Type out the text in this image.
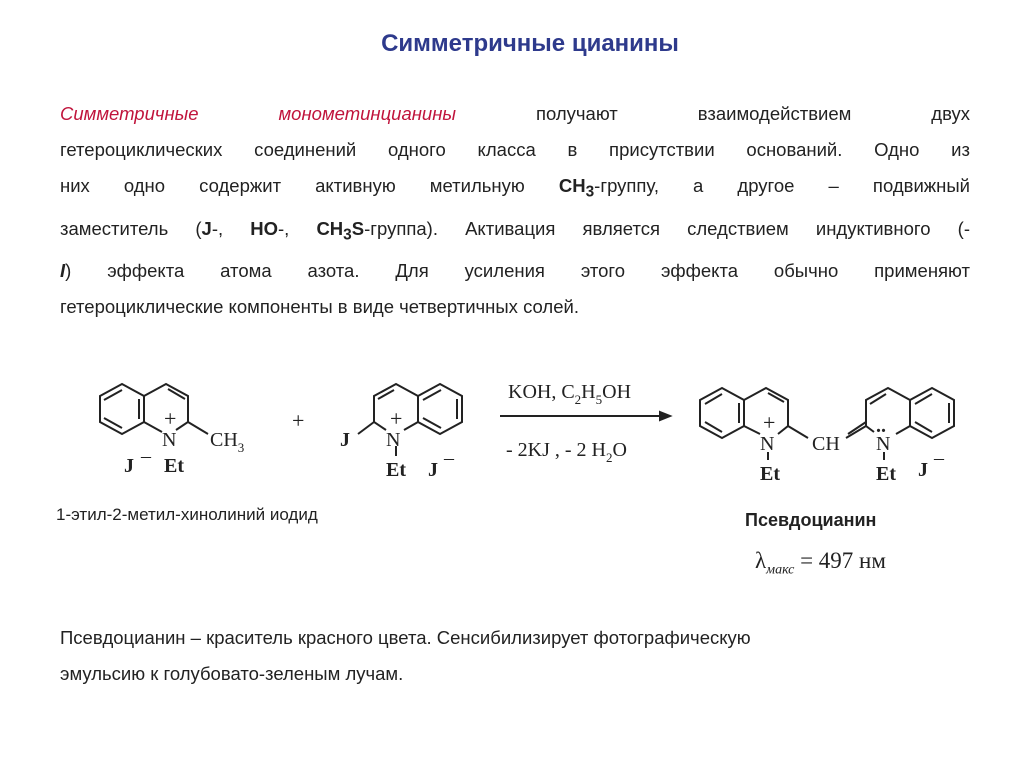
Симметричные цианины
Симметричные	монометинцианины	получают взаимодействием двух
гетероциклических соединений одного класса в присутствии оснований. Одно из
них одно содержит активную метильную $CH_3$-группу, а другое – подвижный
заместитель (J-, HO-, $CH_3S-группа$). Активация является следствием индуктивного (-
I) эффекта атома азота. Для усиления этого эффекта обычно применяют
гетероциклические компоненты в виде четвертичных солей.
N
+
$CH_3$
J – Et
+
J N
+
Et J
–
KOH, $C_2H_5OH$
- 2KJ , - 2 $H_2O$	N
+
Et
CH
..
N
Et J
–
1-этил-2-метил-хинолиний иодид	Псевдоцианин
$\lambda_{макс} = 497$ нм
Псевдоцианин – краситель красного цвета. Сенсибилизирует фотографическую
эмульсию к голубовато-зеленым лучам.
